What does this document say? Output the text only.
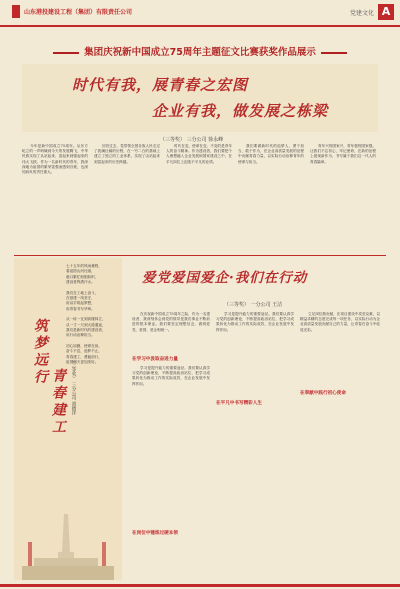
山东港投建设工程（集团）有限责任公司	党建文化 A
集团庆祝新中国成立75周年主题征文比赛获奖作品展示
时代有我，展青春之宏图
企业有我，做发展之栋梁
（三等奖） 三分公司 徐永峰

今年是新中国成立75周年。从东方屹立的一声呐喊到今天的发展腾飞，中华民族实现了从站起来、富起来到强起来的伟大飞跃。作为一名新时代的青年，我深深地为祖国的繁荣富强而感到自豪，也深知肩负的责任重大。

回首过去，党带领全国各族人民走过了波澜壮阔的历程，在一穷二白的基础上建立了独立的工业体系，实现了由站起来到富起来的历史跨越。

时代在变，使命在变，不变的是青年人的奋斗精神。作为建设者，我们要把个人理想融入企业发展和国家建设之中，在平凡岗位上创造不平凡的业绩。

我们要做新时代的追梦人，勇于担当，敢于作为，在企业高质量发展的征程中贡献青春力量，以实际行动诠释青年的使命与担当。

青年兴则国家兴，青年强则国家强。让我们不忘初心，牢记使命，在新的征程上展现新作为，书写属于我们这一代人的青春篇章。

筑梦远行
青春建工	（三等奖） 三分公司 胡德洋
七十五年的风雨兼程，
看祖国山河壮丽，
港口繁忙船舶如织，
建设者挥洒汗水。
我们在工地上奋斗，
在基建一线坚守，
用双手筑起梦想，
用青春书写华章。
从一砖一瓦到高楼林立，
从一寸一尺到大道通途，
我们是新时代的建设者，
用行动诠释担当。
初心如磐，使命在肩，
奋斗不息，追梦不止，
青春建工，勇毅前行，
祖国明天更加美好。
爱党爱国爱企·我们在行动
（三等奖） 一分公司 王洁

在庆祝新中国成立75周年之际，作为一名建设者，我深刻体会到党的领导是我们事业不断前进的根本保证。我们要坚定理想信念，做到爱党、爱国、爱企相统一。

在学习中汲取奋进力量

学习是提升能力的重要途径。我们要认真学习党的创新理论，不断提高政治站位，把学习成果转化为推动工作的实际成效，在企业发展中发挥作用。

在岗位中锤炼过硬本领

学习是提升能力的重要途径。我们要认真学习党的创新理论，不断提高政治站位，把学习成果转化为推动工作的实际成效，在企业发展中发挥作用。

在平凡中书写精彩人生

立足岗位做贡献，在项目建设中攻坚克难，以精益求精的态度完成每一项任务，以实际行动为企业高质量发展贡献自己的力量，让青春在奋斗中绽放光彩。

在奉献中践行初心使命
